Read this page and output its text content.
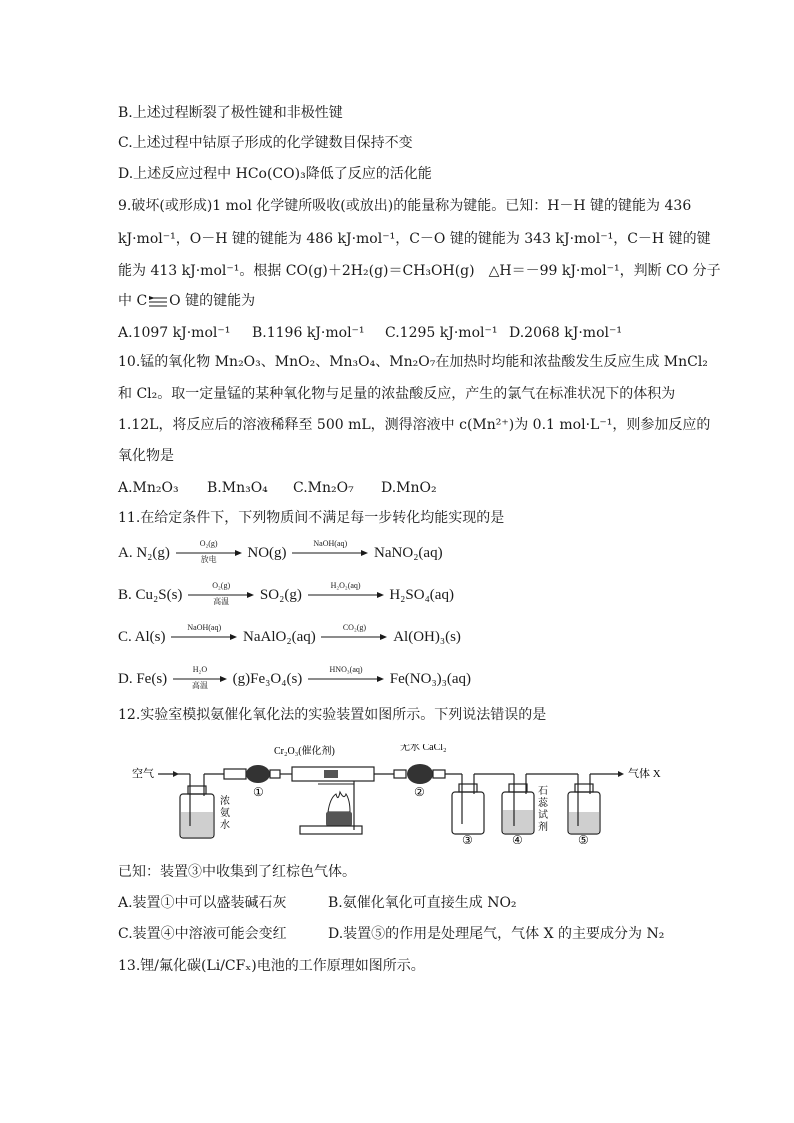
B.上述过程断裂了极性键和非极性键
C.上述过程中钴原子形成的化学键数目保持不变
D.上述反应过程中 HCo(CO)₃降低了反应的活化能
9.破坏(或形成)1 mol 化学键所吸收(或放出)的能量称为键能。已知：H－H 键的键能为 436
kJ·mol⁻¹，O－H 键的键能为 486 kJ·mol⁻¹，C－O 键的键能为 343 kJ·mol⁻¹，C－H 键的键
能为 413 kJ·mol⁻¹。根据 CO(g)＋2H₂(g)＝CH₃OH(g)　△H＝－99 kJ·mol⁻¹，判断 CO 分子
中 C O 键的键能为
A.1097 kJ·mol⁻¹ B.1196 kJ·mol⁻¹ C.1295 kJ·mol⁻¹ D.2068 kJ·mol⁻¹
10.锰的氧化物 Mn₂O₃、MnO₂、Mn₃O₄、Mn₂O₇在加热时均能和浓盐酸发生反应生成 MnCl₂
和 Cl₂。取一定量锰的某种氧化物与足量的浓盐酸反应，产生的氯气在标准状况下的体积为
1.12L，将反应后的溶液稀释至 500 mL，测得溶液中 c(Mn²⁺)为 0.1 mol·L⁻¹，则参加反应的
氧化物是
A.Mn₂O₃ B.Mn₃O₄ C.Mn₂O₇ D.MnO₂
11.在给定条件下，下列物质间不满足每一步转化均能实现的是
A. N₂(g)
O₂(g)
放电	NO(g)
NaOH(aq)
NaNO₂(aq)
B. Cu₂S(s)
O₂(g)
高温	SO₂(g)
H₂O₂(aq)
H₂SO₄(aq)
C. Al(s)
NaOH(aq)
NaAlO₂(aq)
CO₂(g)
Al(OH)₃(s)
D. Fe(s)
H₂O
高温	(g)Fe₃O₄(s)
HNO₃(aq)
Fe(NO₃)₃(aq)
12.实验室模拟氨催化氧化法的实验装置如图所示。下列说法错误的是
空气
浓
氨
水
①
Cr₂O₃(催化剂)	无水 CaCl₂
②
③
石
蕊
试
剂
④
气体 X
⑤
已知：装置③中收集到了红棕色气体。
A.装置①中可以盛装碱石灰	B.氨催化氧化可直接生成 NO₂
C.装置④中溶液可能会变红	D.装置⑤的作用是处理尾气，气体 X 的主要成分为 N₂
13.锂/氟化碳(Li/CFₓ)电池的工作原理如图所示。
